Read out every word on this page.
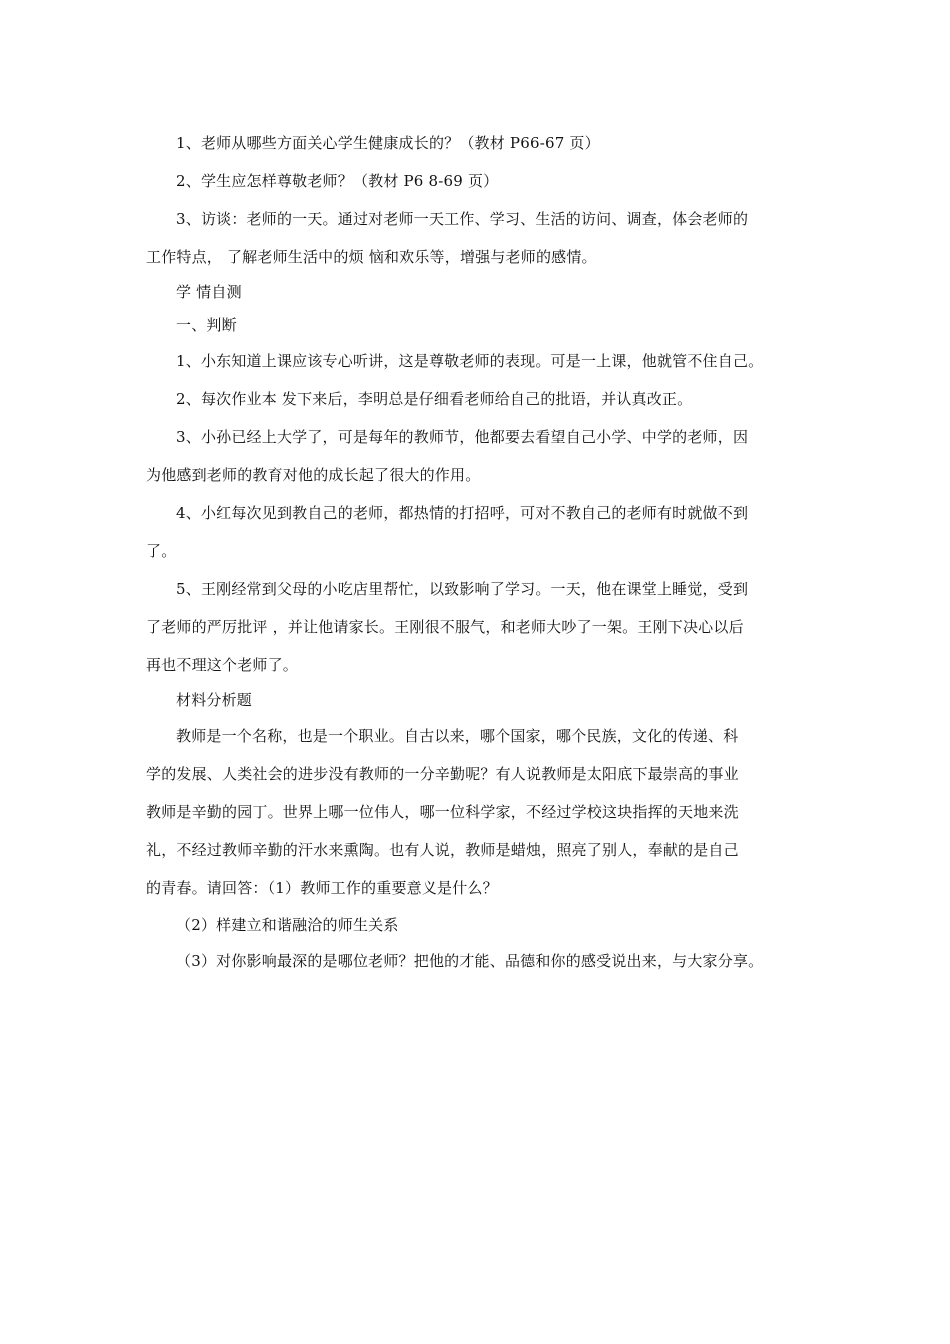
1、老师从哪些方面关心学生健康成长的？（教材 P66-67 页）
2、学生应怎样尊敬老师？（教材 P6 8-69 页）
3、访谈：老师的一天。通过对老师一天工作、学习、生活的访问、调查，体会老师的
工作特点， 了解老师生活中的烦 恼和欢乐等，增强与老师的感情。
学 情自测
一、判断
1、小东知道上课应该专心听讲，这是尊敬老师的表现。可是一上课，他就管不住自己。
2、每次作业本 发下来后，李明总是仔细看老师给自己的批语，并认真改正。
3、小孙已经上大学了，可是每年的教师节，他都要去看望自己小学、中学的老师，因
为他感到老师的教育对他的成长起了很大的作用。
4、小红每次见到教自己的老师，都热情的打招呼，可对不教自己的老师有时就做不到
了。
5、王刚经常到父母的小吃店里帮忙，以致影响了学习。一天，他在课堂上睡觉，受到
了老师的严厉批评 ，并让他请家长。王刚很不服气，和老师大吵了一架。王刚下决心以后
再也不理这个老师了。
材料分析题
教师是一个名称，也是一个职业。自古以来，哪个国家，哪个民族，文化的传递、科
学的发展、人类社会的进步没有教师的一分辛勤呢？有人说教师是太阳底下最崇高的事业
教师是辛勤的园丁。世界上哪一位伟人，哪一位科学家，不经过学校这块指挥的天地来洗
礼，不经过教师辛勤的汗水来熏陶。也有人说，教师是蜡烛，照亮了别人，奉献的是自己
的青春。请回答：（1）教师工作的重要意义是什么？
（2）样建立和谐融洽的师生关系
（3）对你影响最深的是哪位老师？把他的才能、品德和你的感受说出来，与大家分享。
